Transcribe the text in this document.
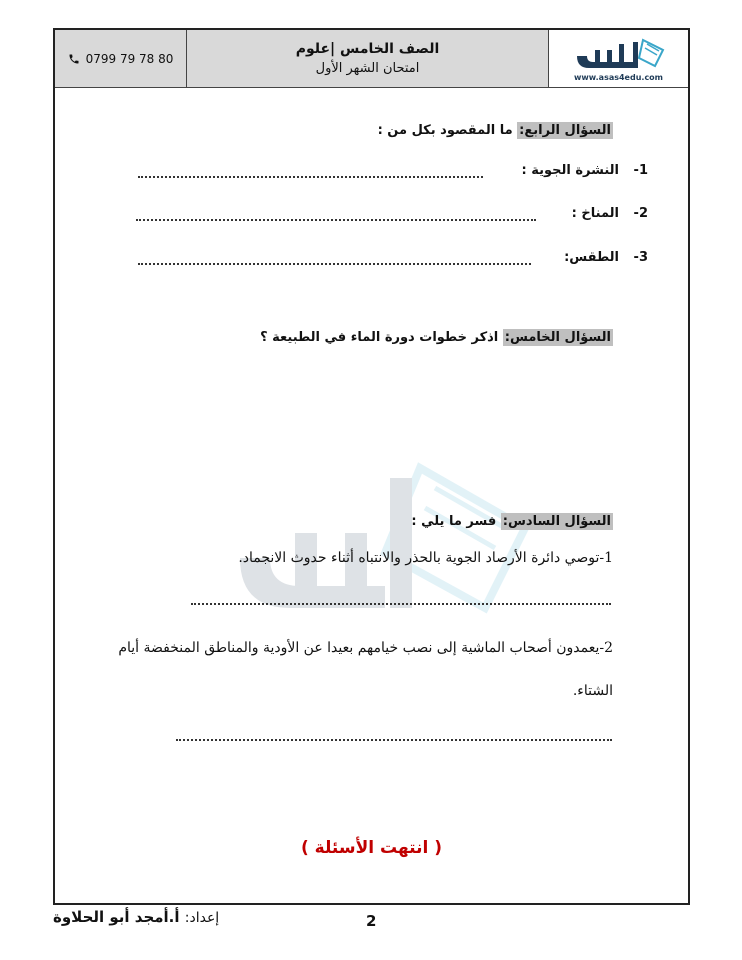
0799 79 78 80
الصف الخامس |علوم
امتحان الشهر الأول
www.asas4edu.com
السؤال الرابع: ما المقصود بكل من :
1- النشرة الجوية :
2- المناخ :
3- الطقس:
السؤال الخامس: اذكر خطوات دورة الماء في الطبيعة ؟
السؤال السادس: فسر ما يلي :
1-توصي دائرة الأرصاد الجوية بالحذر والانتباه أثناء حدوث الانجماد.
2-يعمدون أصحاب الماشية إلى نصب خيامهم بعيدا عن الأودية والمناطق المنخفضة أيام
الشتاء.
( انتهت الأسئلة )
إعداد: أ.أمجد أبو الحلاوة	2
